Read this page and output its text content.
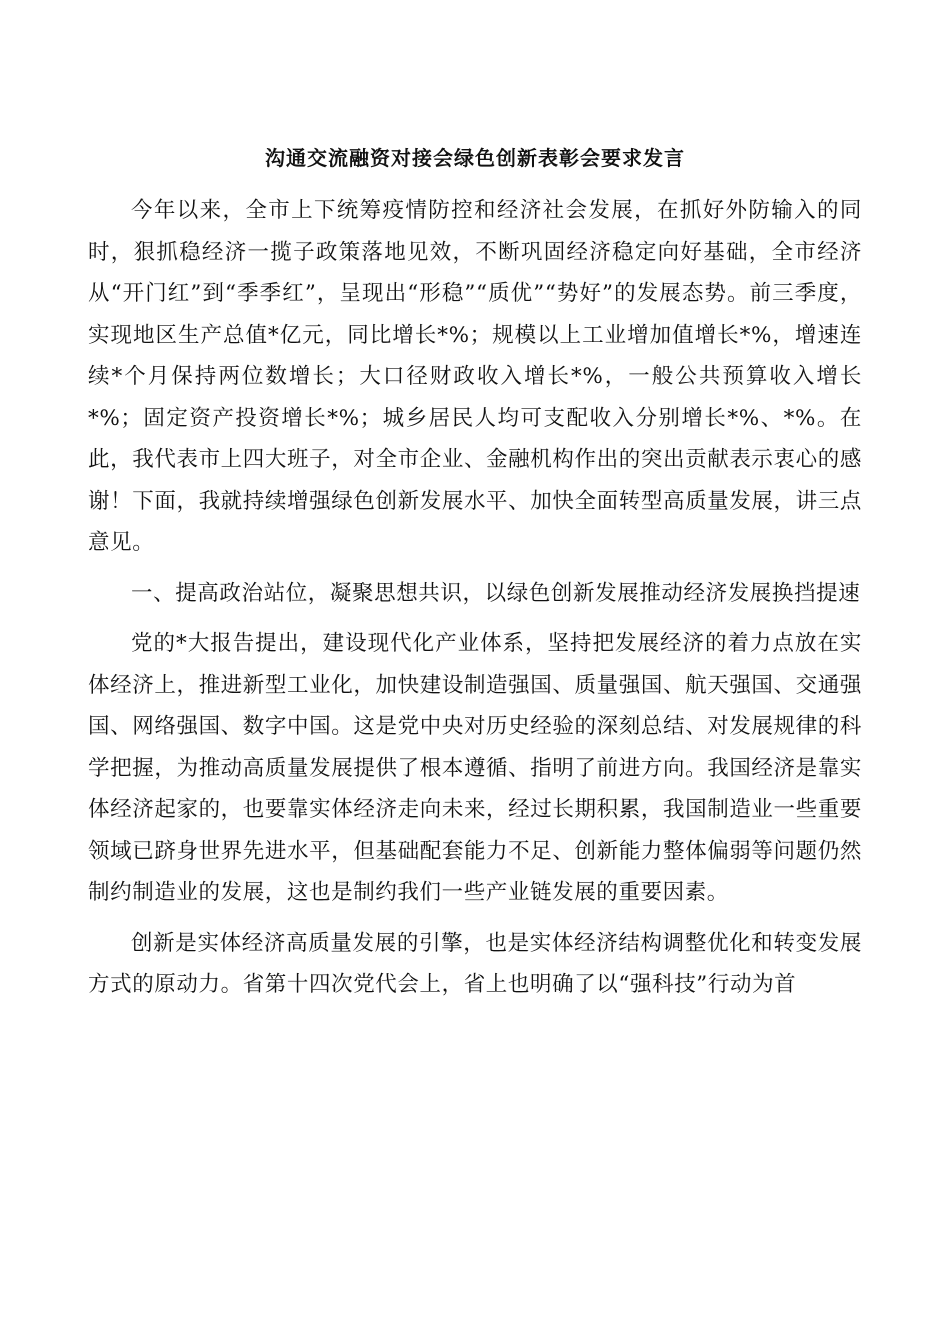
沟通交流融资对接会绿色创新表彰会要求发言

今年以来，全市上下统筹疫情防控和经济社会发展，在抓好外防输入的同时，狠抓稳经济一揽子政策落地见效，不断巩固经济稳定向好基础，全市经济从“开门红”到“季季红”，呈现出“形稳”“质优”“势好”的发展态势。前三季度，实现地区生产总值*亿元，同比增长*%；规模以上工业增加值增长*%，增速连续*个月保持两位数增长；大口径财政收入增长*%，一般公共预算收入增长*%；固定资产投资增长*%；城乡居民人均可支配收入分别增长*%、*%。在此，我代表市上四大班子，对全市企业、金融机构作出的突出贡献表示衷心的感谢！下面，我就持续增强绿色创新发展水平、加快全面转型高质量发展，讲三点意见。

一、提高政治站位，凝聚思想共识，以绿色创新发展推动经济发展换挡提速

党的*大报告提出，建设现代化产业体系，坚持把发展经济的着力点放在实体经济上，推进新型工业化，加快建设制造强国、质量强国、航天强国、交通强国、网络强国、数字中国。这是党中央对历史经验的深刻总结、对发展规律的科学把握，为推动高质量发展提供了根本遵循、指明了前进方向。我国经济是靠实体经济起家的，也要靠实体经济走向未来，经过长期积累，我国制造业一些重要领域已跻身世界先进水平，但基础配套能力不足、创新能力整体偏弱等问题仍然制约制造业的发展，这也是制约我们一些产业链发展的重要因素。

创新是实体经济高质量发展的引擎，也是实体经济结构调整优化和转变发展方式的原动力。省第十四次党代会上，省上也明确了以“强科技”行动为首
